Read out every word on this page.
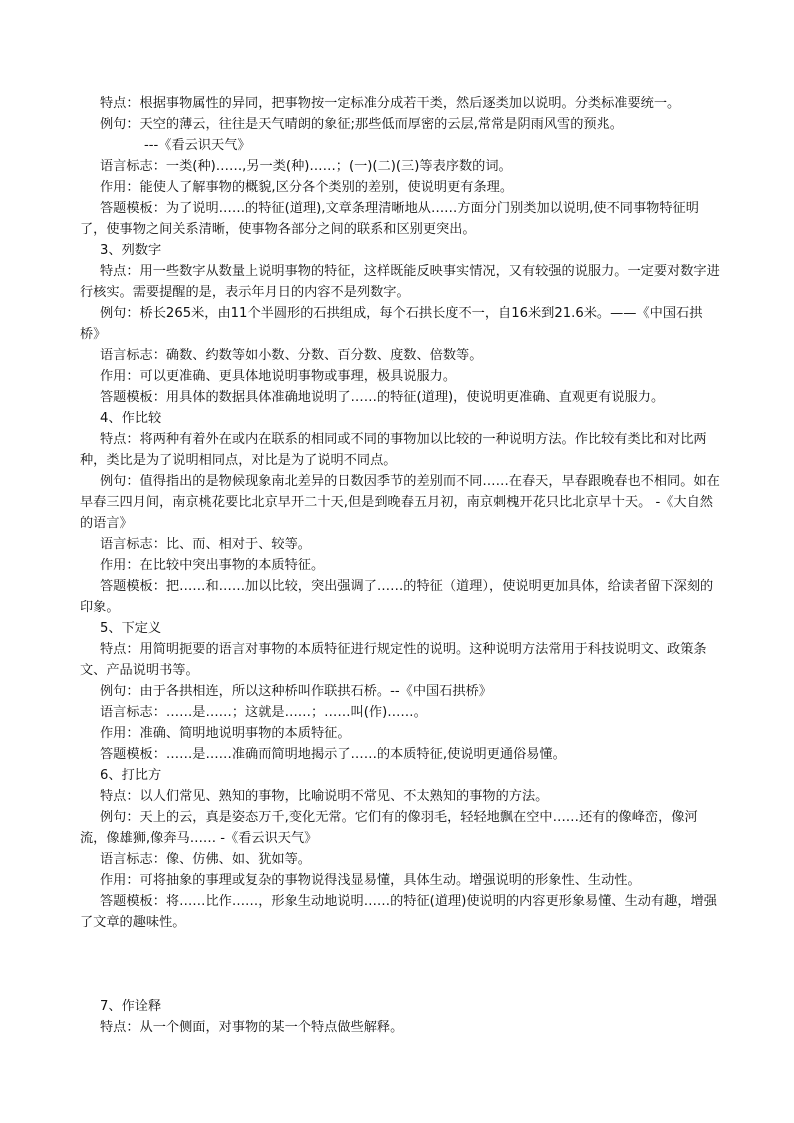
特点：根据事物属性的异同，把事物按一定标准分成若干类，然后逐类加以说明。分类标准要统一。

例句：天空的薄云，往往是天气晴朗的象征;那些低而厚密的云层,常常是阴雨风雪的预兆。

---《看云识天气》

语言标志：一类(种)……,另一类(种)……；(一)(二)(三)等表序数的词。

作用：能使人了解事物的概貌,区分各个类别的差别，使说明更有条理。

答题模板：为了说明……的特征(道理),文章条理清晰地从……方面分门别类加以说明,使不同事物特征明了，使事物之间关系清晰，使事物各部分之间的联系和区别更突出。

3、列数字

特点：用一些数字从数量上说明事物的特征，这样既能反映事实情况，又有较强的说服力。一定要对数字进行核实。需要提醒的是，表示年月日的内容不是列数字。

例句：桥长265米，由11个半圆形的石拱组成，每个石拱长度不一，自16米到21.6米。——《中国石拱桥》

语言标志：确数、约数等如小数、分数、百分数、度数、倍数等。

作用：可以更准确、更具体地说明事物或事理，极具说服力。

答题模板：用具体的数据具体准确地说明了……的特征(道理)，使说明更准确、直观更有说服力。

4、作比较

特点：将两种有着外在或内在联系的相同或不同的事物加以比较的一种说明方法。作比较有类比和对比两种，类比是为了说明相同点，对比是为了说明不同点。

例句：值得指出的是物候现象南北差异的日数因季节的差别而不同……在春天，早春跟晚春也不相同。如在早春三四月间，南京桃花要比北京早开二十天,但是到晚春五月初，南京刺槐开花只比北京早十天。 -《大自然的语言》

语言标志：比、而、相对于、较等。

作用：在比较中突出事物的本质特征。

答题模板：把……和……加以比较，突出强调了……的特征（道理），使说明更加具体，给读者留下深刻的印象。

5、下定义

特点：用简明扼要的语言对事物的本质特征进行规定性的说明。这种说明方法常用于科技说明文、政策条文、产品说明书等。

例句：由于各拱相连，所以这种桥叫作联拱石桥。--《中国石拱桥》

语言标志：……是……；这就是……；……叫(作)……。

作用：准确、简明地说明事物的本质特征。

答题模板：……是……准确而简明地揭示了……的本质特征,使说明更通俗易懂。

6、打比方

特点：以人们常见、熟知的事物，比喻说明不常见、不太熟知的事物的方法。

例句：天上的云，真是姿态万千,变化无常。它们有的像羽毛，轻轻地飘在空中……还有的像峰峦，像河流，像雄狮,像奔马…… -《看云识天气》

语言标志：像、仿佛、如、犹如等。

作用：可将抽象的事理或复杂的事物说得浅显易懂，具体生动。增强说明的形象性、生动性。

答题模板：将……比作……，形象生动地说明……的特征(道理)使说明的内容更形象易懂、生动有趣，增强了文章的趣味性。

7、作诠释

特点：从一个侧面，对事物的某一个特点做些解释。
